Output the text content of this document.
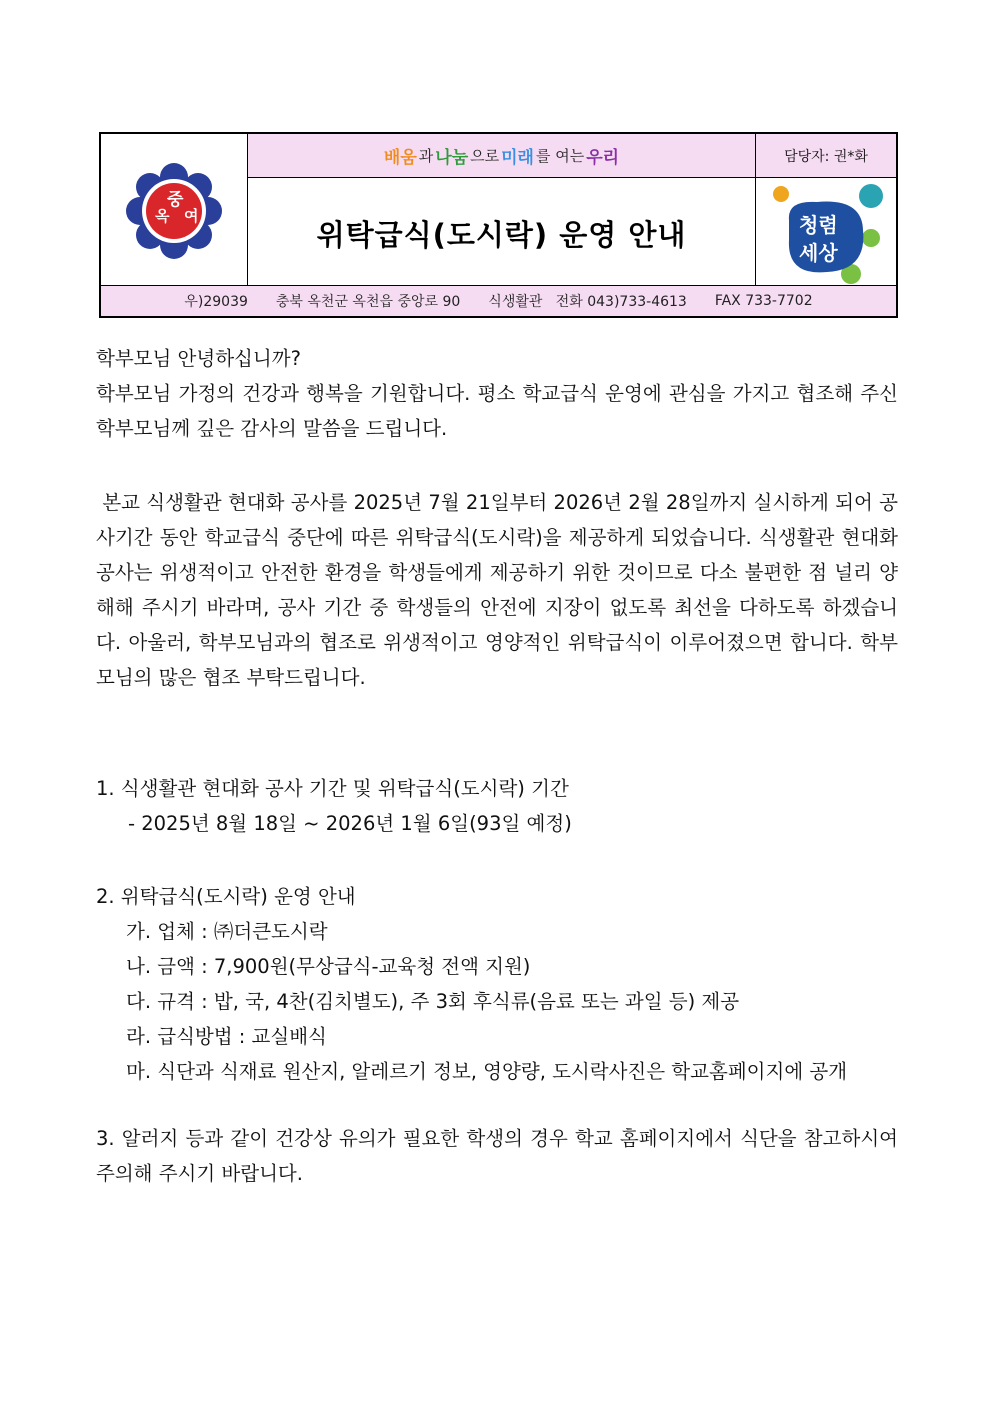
옥
중
여
배움 과 나눔 으로 미래 를 여는 우리
위탁급식(도시락) 운영 안내
담당자: 권*화
청렴
세상
우)29039 충북 옥천군 옥천읍 중앙로 90 식생활관   전화 043)733-4613 FAX 733-7702

학부모님 안녕하십니까?

학부모님 가정의 건강과 행복을 기원합니다. 평소 학교급식 운영에 관심을 가지고 협조해 주신 학부모님께 깊은 감사의 말씀을 드립니다.

본교 식생활관 현대화 공사를 2025년 7월 21일부터 2026년 2월 28일까지 실시하게 되어 공사기간 동안 학교급식 중단에 따른 위탁급식(도시락)을 제공하게 되었습니다. 식생활관 현대화 공사는 위생적이고 안전한 환경을 학생들에게 제공하기 위한 것이므로 다소 불편한 점 널리 양해해 주시기 바라며, 공사 기간 중 학생들의 안전에 지장이 없도록 최선을 다하도록 하겠습니다. 아울러, 학부모님과의 협조로 위생적이고 영양적인 위탁급식이 이루어졌으면 합니다. 학부모님의 많은 협조 부탁드립니다.

1. 식생활관 현대화 공사 기간 및 위탁급식(도시락) 기간

- 2025년 8월 18일 ~ 2026년 1월 6일(93일 예정)

2. 위탁급식(도시락) 운영 안내

가. 업체 : ㈜더큰도시락

나. 금액 : 7,900원(무상급식-교육청 전액 지원)

다. 규격 : 밥, 국, 4찬(김치별도), 주 3회 후식류(음료 또는 과일 등) 제공

라. 급식방법 : 교실배식

마. 식단과 식재료 원산지, 알레르기 정보, 영양량, 도시락사진은 학교홈페이지에 공개

3. 알러지 등과 같이 건강상 유의가 필요한 학생의 경우 학교 홈페이지에서 식단을 참고하시여 주의해 주시기 바랍니다.
